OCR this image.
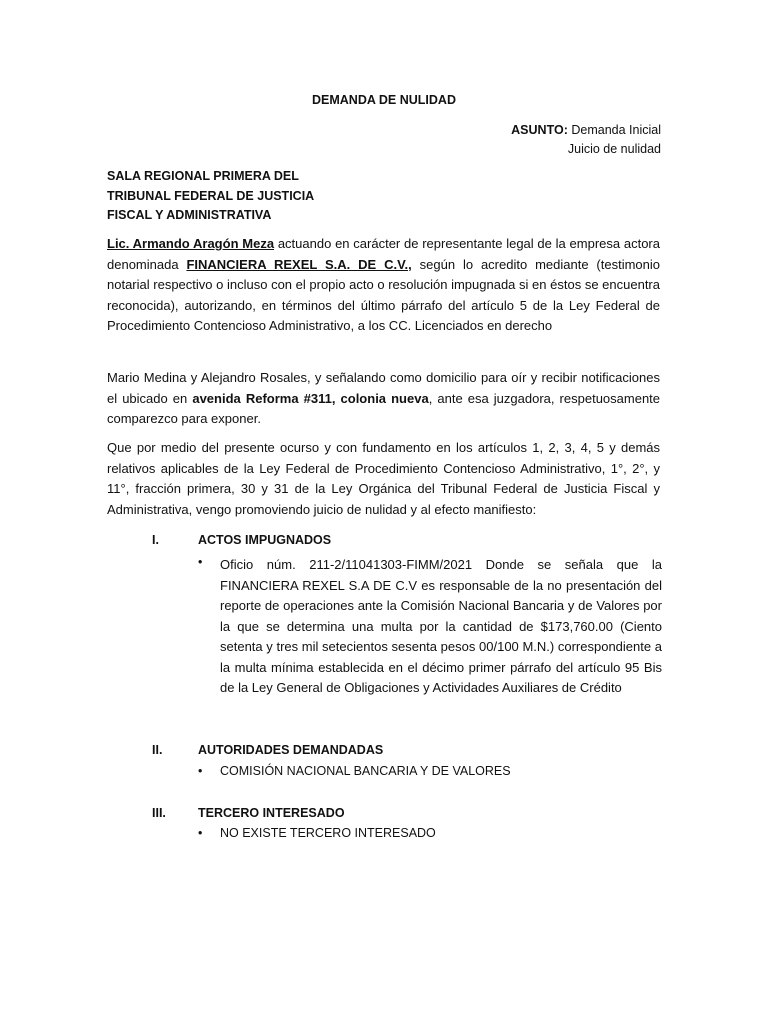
DEMANDA DE NULIDAD
ASUNTO: Demanda Inicial
Juicio de nulidad
SALA REGIONAL PRIMERA DEL
TRIBUNAL FEDERAL DE JUSTICIA
FISCAL Y ADMINISTRATIVA
Lic. Armando Aragón Meza actuando en carácter de representante legal de la empresa actora denominada FINANCIERA REXEL S.A. DE C.V., según lo acredito mediante (testimonio notarial respectivo o incluso con el propio acto o resolución impugnada si en éstos se encuentra reconocida), autorizando, en términos del último párrafo del artículo 5 de la Ley Federal de Procedimiento Contencioso Administrativo, a los CC. Licenciados en derecho
Mario Medina y Alejandro Rosales, y señalando como domicilio para oír y recibir notificaciones el ubicado en avenida Reforma #311, colonia nueva, ante esa juzgadora, respetuosamente comparezco para exponer.
Que por medio del presente ocurso y con fundamento en los artículos 1, 2, 3, 4, 5 y demás relativos aplicables de la Ley Federal de Procedimiento Contencioso Administrativo, 1°, 2°, y 11°, fracción primera, 30 y 31 de la Ley Orgánica del Tribunal Federal de Justicia Fiscal y Administrativa, vengo promoviendo juicio de nulidad y al efecto manifiesto:
I.	ACTOS IMPUGNADOS
•	Oficio núm. 211-2/11041303-FIMM/2021 Donde se señala que la FINANCIERA REXEL S.A DE C.V es responsable de la no presentación del reporte de operaciones ante la Comisión Nacional Bancaria y de Valores por la que se determina una multa por la cantidad de $173,760.00 (Ciento setenta y tres mil setecientos sesenta pesos 00/100 M.N.) correspondiente a la multa mínima establecida en el décimo primer párrafo del artículo 95 Bis de la Ley General de Obligaciones y Actividades Auxiliares de Crédito
II.	AUTORIDADES DEMANDADAS
•	COMISIÓN NACIONAL BANCARIA Y DE VALORES
III.	TERCERO INTERESADO
•	NO EXISTE TERCERO INTERESADO
